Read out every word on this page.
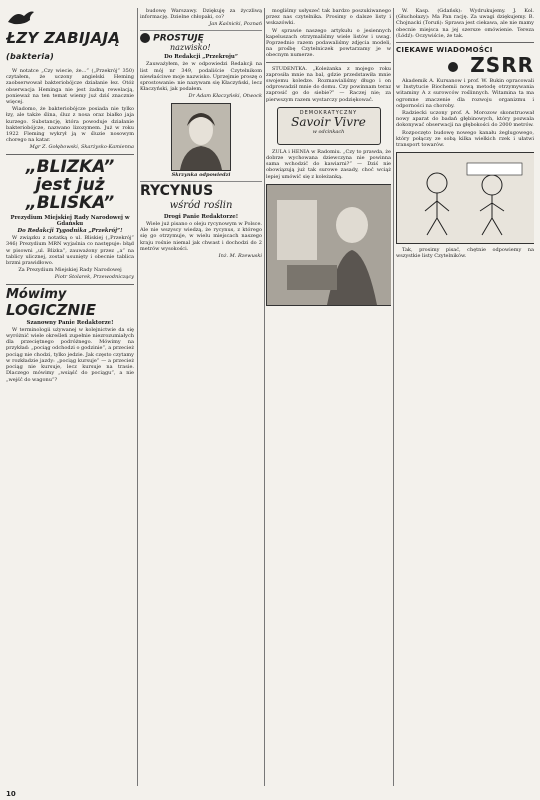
ŁZY ZABIJAJĄ (bakteria)

W notatce „Czy wiecie, że...” („Przekrój” 350) czytałem, że uczony angielski Heming zaobserwował bakteriobójcze działanie łez. Otóż obserwacja Heminga nie jest żadną rewelacją, ponieważ na ten temat wiemy już dziś znacznie więcej.

Wiadomo, że bakteriobójcze posiada nie tylko łzy, ale także ślina, śluz z nosa oraz białko jaja kurzego. Substancję, która powoduje działanie bakteriobójcze, nazwano lizozymem. Już w roku 1922 Fleming wykrył ją w śluzie nosowym chorego na katar.

Mgr Z. Gołębowski, Skarżysko-Kamienna
„BLIZKA” jest już „BLISKA”

Prezydium Miejskiej Rady Narodowej w Gdańsku

Do Redakcji Tygodnika „Przekrój”!

W związku z notatką o ul. Bliskiej („Przekrój” 346) Prezydium MRN wyjaśnia co następuje: błąd w pisowni „ul. Blizka”, zauważony przez „a” na tablicy ulicznej, został usunięty i obecnie tablica brzmi prawidłowo.

Za Prezydium Miejskiej Rady Narodowej

Piotr Stolarek, Przewodniczący
Mówimy
LOGICZNIE

Szanowny Panie Redaktorze!

W terminologii używanej w kolejnictwie da się wyróżnić wiele określeń zupełnie niezrozumiałych dla przeciętnego podróżnego. Mówimy na przykład: „pociąg odchodzi o godzinie”, a przecież pociąg nie chodzi, tylko jedzie. Jak często czytamy w rozkładzie jazdy: „pociąg kursuje” — a przecież pociąg nie kursuje, lecz kursuje na trasie. Dlaczego mówimy „wsiąść do pociągu”, a nie „wejść do wagonu”?

budowę Warszawy. Dziękuję za życzliwą informację. Dzielne chłopaki, co?

Jan Kaśnicki, Poznań
PROSTUJĘ
nazwisko!

Do Redakcji „Przekroju”

Zauważyłem, że w odpowiedzi Redakcji na list mój nr 349, podaliście Czytelnikom niewłaściwe moje nazwisko. Uprzejmie proszę o sprostowanie: nie nazywam się Kłaczyński, lecz Kłaczyński, jak podałem.

Dr Adam Kłaczyński, Otwock
Skrzynka odpowiedzi
RYCYNUS
wśród roślin

Drogi Panie Redaktorze!

Wiele już pisano o oleju rycynowym w Polsce. Ale nie wszyscy wiedzą, że rycynus, z którego się go otrzymuje, w wielu miejscach naszego kraju rośnie niemal jak chwast i dochodzi do 2 metrów wysokości.

Inż. M. Rzewuski

mogliśmy usłyszeć tak bardzo poszukiwanego przez nas czytelnika. Prosimy o dalsze listy i wskazówki.

W sprawie naszego artykułu o jesiennych kapeluszach otrzymaliśmy wiele listów i uwag. Poprzednio razem podawaliśmy zdjęcia modeli, na prośbę Czytelniczek powtarzamy je w obecnym numerze.

STUDENTKA. „Koleżanka z mojego roku zaprosiła mnie na bal, gdzie przedstawiła mnie swojemu koledze. Rozmawialiśmy długo i on odprowadził mnie do domu. Czy powinnam teraz zaprosić go do siebie?” — Raczej nie; za pierwszym razem wystarczy podziękować.

DEMOKRATYCZNY
Savoir Vivre
w odcinkach

ZULA i HENIA w Radomiu. „Czy to prawda, że dobrze wychowana dziewczyna nie powinna sama wchodzić do kawiarni?” — Dziś nie obowiązują już tak surowe zasady, choć wciąż lepiej umówić się z koleżanką.

W. Kasp. (Gdańsk): Wydrukujemy. J. Kol. (Głuchołazy): Ma Pan rację. Za uwagi dziękujemy. B. Chojnacki (Toruń): Sprawa jest ciekawa, ale nie mamy obecnie miejsca na jej szersze omówienie. Tereza (Łódź): Oczywiście, że tak.

CIEKAWE WIADOMOŚCI
ZSRR

Akademik A. Kursanow i prof. W. Bukin opracowali w Instytucie Biochemii nową metodę otrzymywania witaminy A z surowców roślinnych. Witamina ta ma ogromne znaczenie dla rozwoju organizmu i odporności na choroby.

Radziecki uczony prof. A. Morozow skonstruował nowy aparat do badań głębinowych, który pozwala dokonywać obserwacji na głębokości do 2000 metrów.

Rozpoczęto budowę nowego kanału żeglugowego, który połączy ze sobą kilka wielkich rzek i ułatwi transport towarów.

Tak, prosimy pisać, chętnie odpowiemy na wszystkie listy Czytelników.

10
